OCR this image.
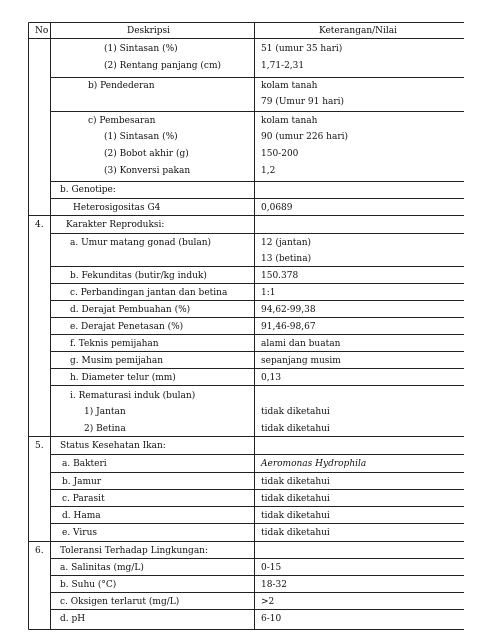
No	Deskripsi	Keterangan/Nilai
(1) Sintasan (%)	51 (umur 35 hari)
(2) Rentang panjang (cm)	1,71-2,31
b) Pendederan	kolam tanah
79 (Umur 91 hari)
c) Pembesaran	kolam tanah
(1) Sintasan (%)	90 (umur 226 hari)
(2) Bobot akhir (g)	150-200
(3) Konversi pakan	1,2
b. Genotipe:
Heterosigositas G4	0,0689
4. Karakter Reproduksi:
a. Umur matang gonad (bulan)	12 (jantan)
13 (betina)
b. Fekunditas (butir/kg induk)	150.378
c. Perbandingan jantan dan betina	1:1
d. Derajat Pembuahan (%)	94,62-99,38
e. Derajat Penetasan (%)	91,46-98,67
f. Teknis pemijahan	alami dan buatan
g. Musim pemijahan	sepanjang musim
h. Diameter telur (mm)	0,13
i. Rematurasi induk (bulan)
1) Jantan	tidak diketahui
2) Betina	tidak diketahui
5. Status Kesehatan Ikan:
a. Bakteri	Aeromonas Hydrophila
b. Jamur	tidak diketahui
c. Parasit	tidak diketahui
d. Hama	tidak diketahui
e. Virus	tidak diketahui
6. Toleransi Terhadap Lingkungan:
a. Salinitas (mg/L)	0-15
b. Suhu (°C)	18-32
c. Oksigen terlarut (mg/L)	>2
d. pH	6-10
